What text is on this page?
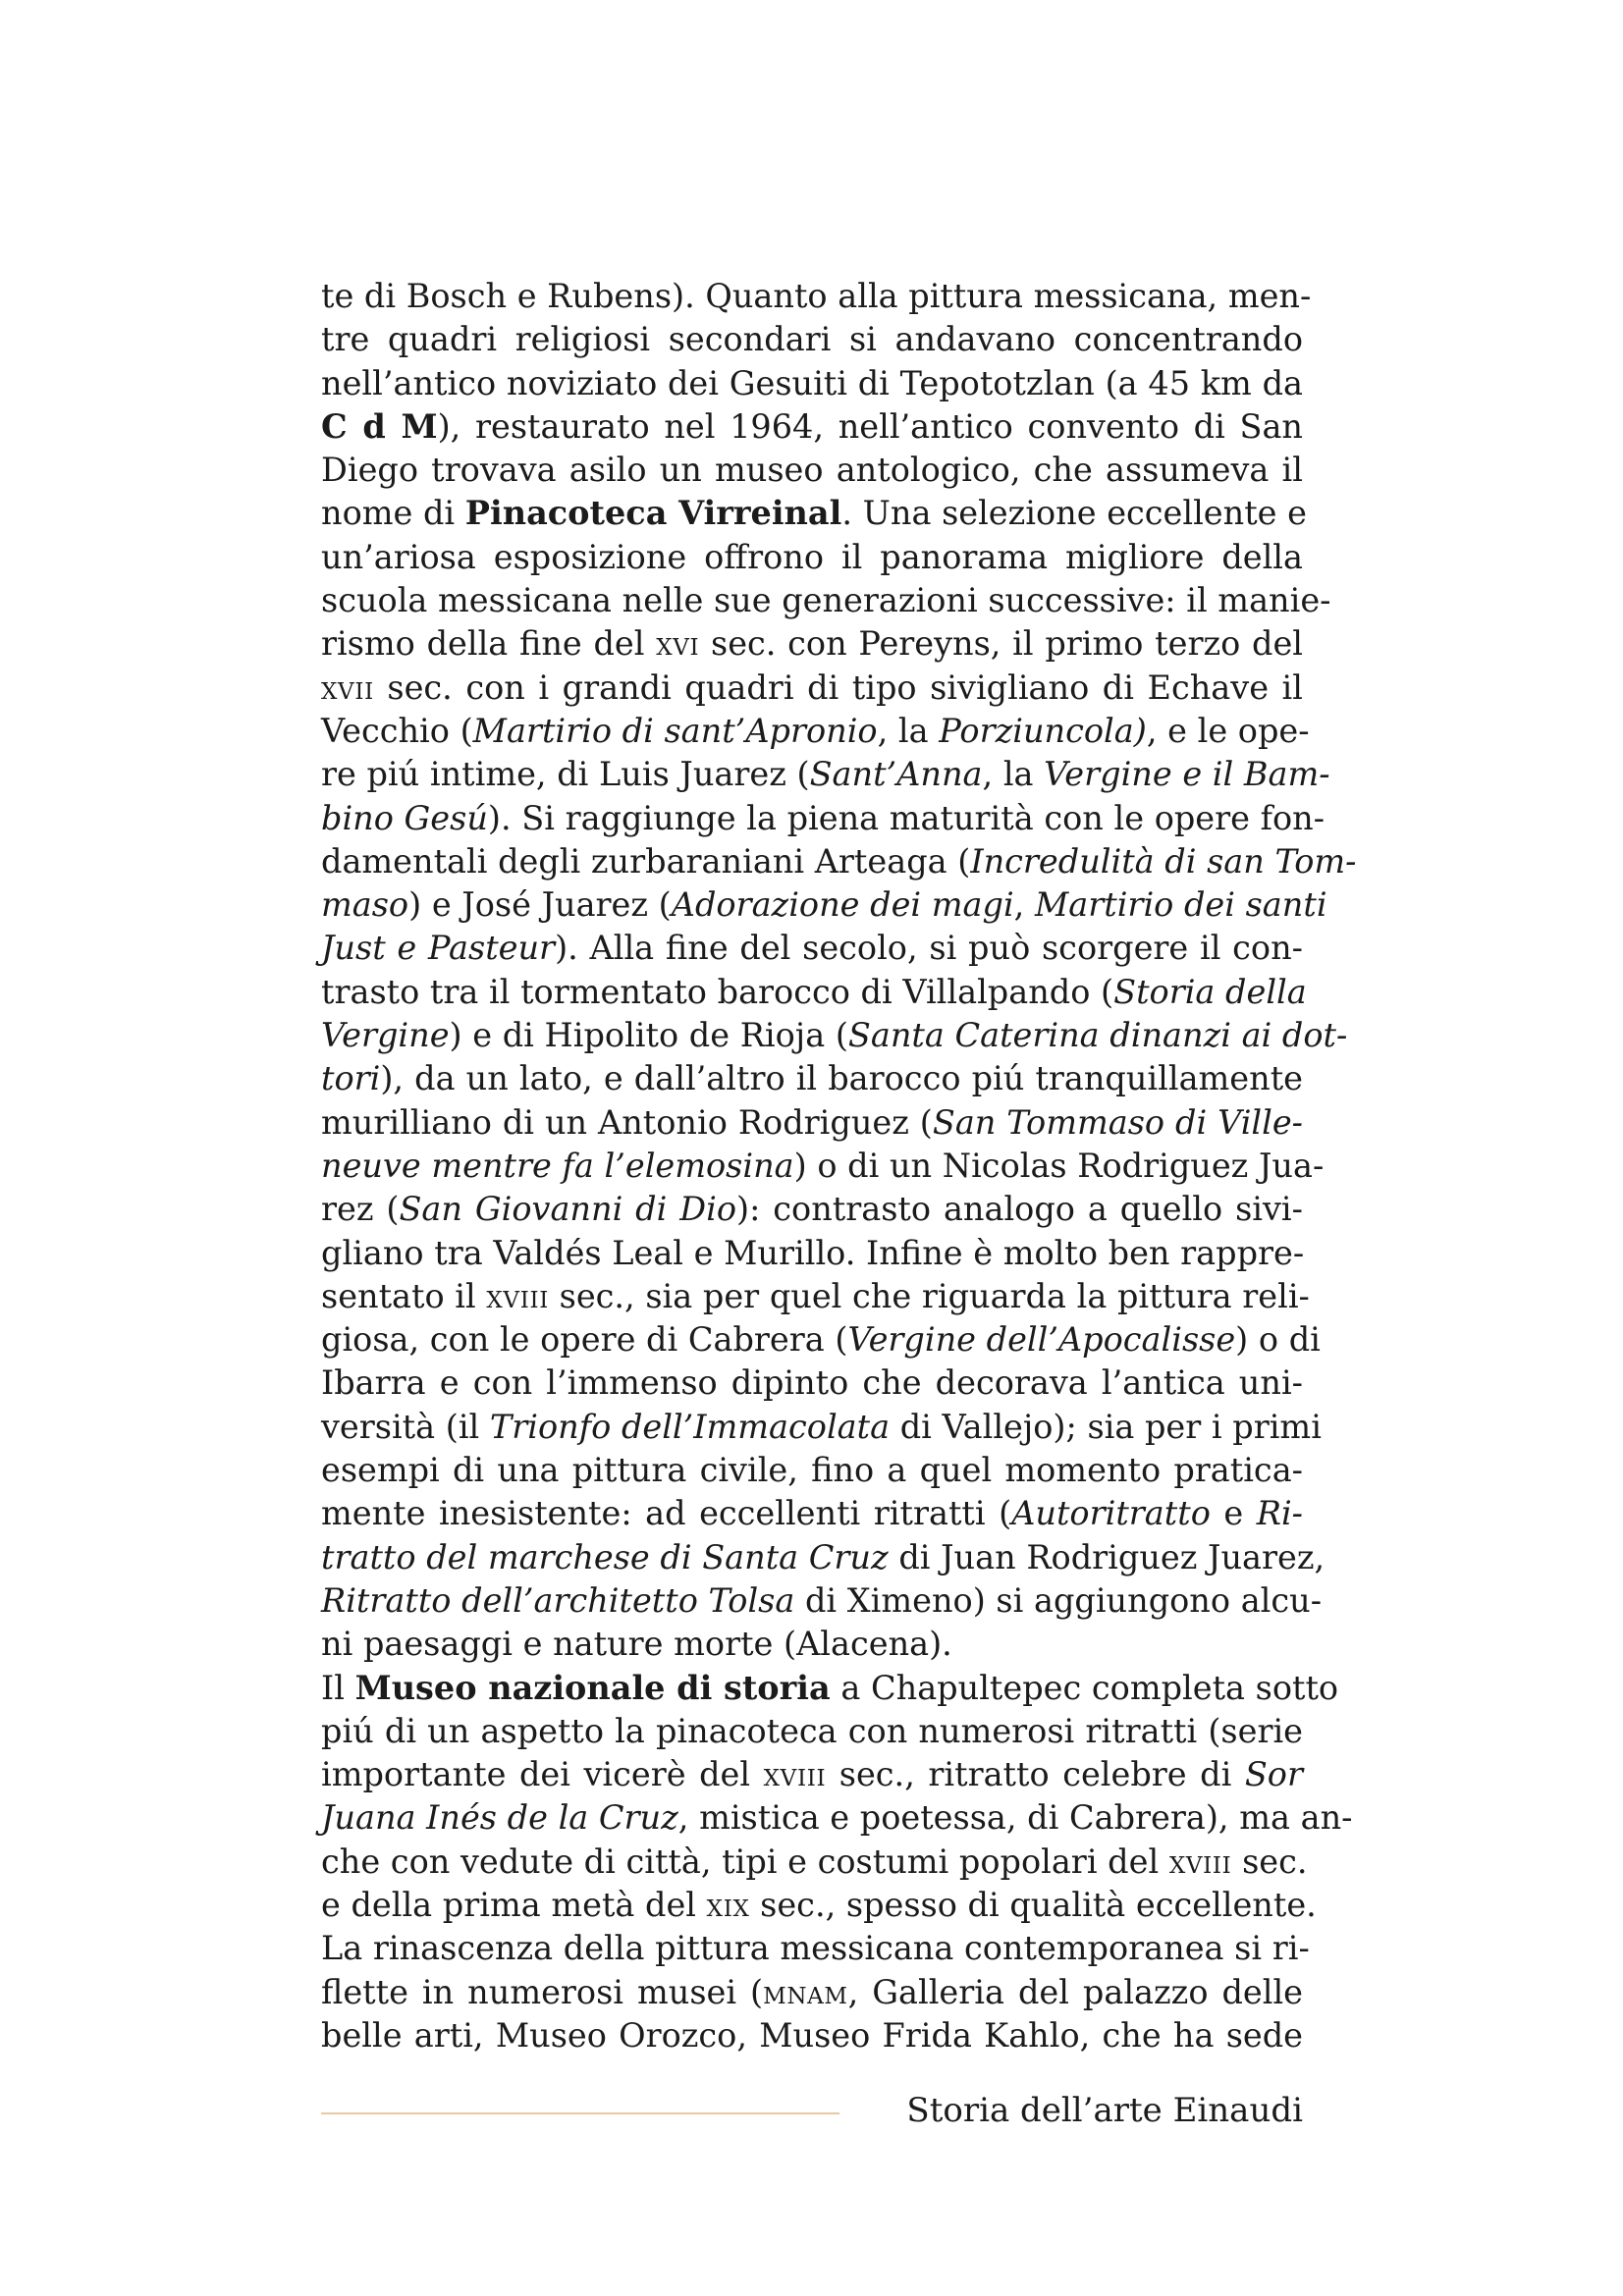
te di Bosch e Rubens). Quanto alla pittura messicana, men-
tre quadri religiosi secondari si andavano concentrando
nell’antico noviziato dei Gesuiti di Tepototzlan (a 45 km da
C d M), restaurato nel 1964, nell’antico convento di San
Diego trovava asilo un museo antologico, che assumeva il
nome di Pinacoteca Virreinal. Una selezione eccellente e
un’ariosa esposizione offrono il panorama migliore della
scuola messicana nelle sue generazioni successive: il manie-
rismo della fine del xvi sec. con Pereyns, il primo terzo del
xvii sec. con i grandi quadri di tipo sivigliano di Echave il
Vecchio (Martirio di sant’Apronio, la Porziuncola), e le ope-
re piú intime, di Luis Juarez (Sant’Anna, la Vergine e il Bam-
bino Gesú). Si raggiunge la piena maturità con le opere fon-
damentali degli zurbaraniani Arteaga (Incredulità di san Tom-
maso) e José Juarez (Adorazione dei magi, Martirio dei santi
Just e Pasteur). Alla fine del secolo, si può scorgere il con-
trasto tra il tormentato barocco di Villalpando (Storia della
Vergine) e di Hipolito de Rioja (Santa Caterina dinanzi ai dot-
tori), da un lato, e dall’altro il barocco piú tranquillamente
murilliano di un Antonio Rodriguez (San Tommaso di Ville-
neuve mentre fa l’elemosina) o di un Nicolas Rodriguez Jua-
rez (San Giovanni di Dio): contrasto analogo a quello sivi-
gliano tra Valdés Leal e Murillo. Infine è molto ben rappre-
sentato il xviii sec., sia per quel che riguarda la pittura reli-
giosa, con le opere di Cabrera (Vergine dell’Apocalisse) o di
Ibarra e con l’immenso dipinto che decorava l’antica uni-
versità (il Trionfo dell’Immacolata di Vallejo); sia per i primi
esempi di una pittura civile, fino a quel momento pratica-
mente inesistente: ad eccellenti ritratti (Autoritratto e Ri-
tratto del marchese di Santa Cruz di Juan Rodriguez Juarez,
Ritratto dell’architetto Tolsa di Ximeno) si aggiungono alcu-
ni paesaggi e nature morte (Alacena).
Il Museo nazionale di storia a Chapultepec completa sotto
piú di un aspetto la pinacoteca con numerosi ritratti (serie
importante dei vicerè del xviii sec., ritratto celebre di Sor
Juana Inés de la Cruz, mistica e poetessa, di Cabrera), ma an-
che con vedute di città, tipi e costumi popolari del xviii sec.
e della prima metà del xix sec., spesso di qualità eccellente.
La rinascenza della pittura messicana contemporanea si ri-
flette in numerosi musei (mnam, Galleria del palazzo delle
belle arti, Museo Orozco, Museo Frida Kahlo, che ha sede
Storia dell’arte Einaudi
